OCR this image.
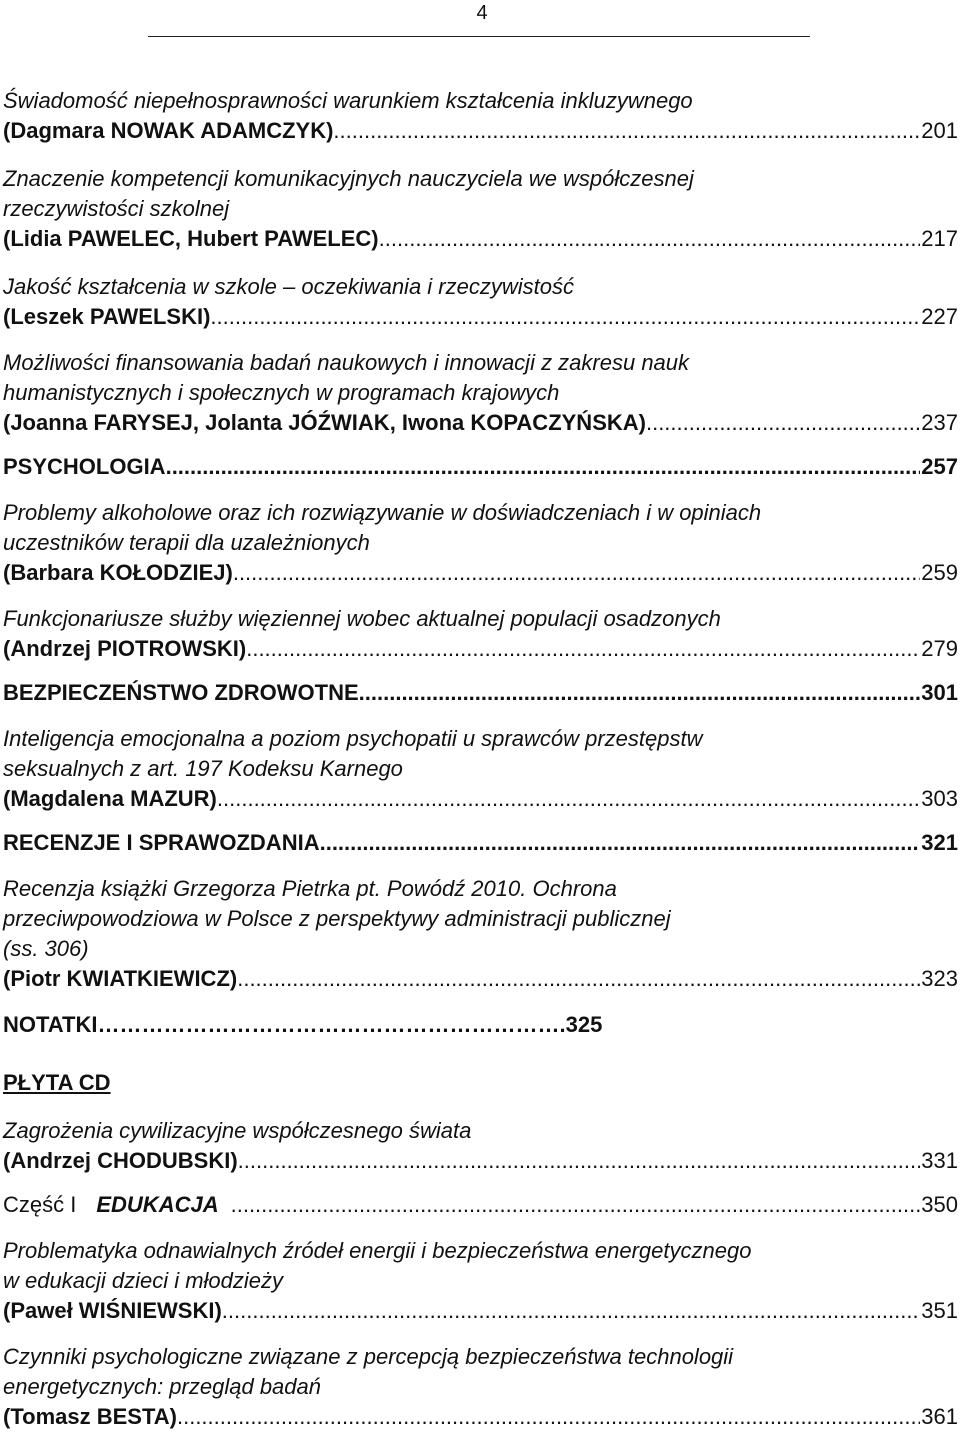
4
Świadomość niepełnosprawności warunkiem kształcenia inkluzywnego
(Dagmara NOWAK ADAMCZYK) .....	201
Znaczenie kompetencji komunikacyjnych nauczyciela we współczesnej
rzeczywistości szkolnej
(Lidia PAWELEC, Hubert PAWELEC) .....	217
Jakość kształcenia w szkole – oczekiwania i rzeczywistość
(Leszek PAWELSKI) .....	227
Możliwości finansowania badań naukowych i innowacji z zakresu nauk
humanistycznych i społecznych w programach krajowych
(Joanna FARYSEJ, Jolanta JÓŹWIAK, Iwona KOPACZYŃSKA) .....	237
PSYCHOLOGIA .....	257
Problemy alkoholowe oraz ich rozwiązywanie w doświadczeniach i w opiniach
uczestników terapii dla uzależnionych
(Barbara KOŁODZIEJ) .....	259
Funkcjonariusze służby więziennej wobec aktualnej populacji osadzonych
(Andrzej PIOTROWSKI) .....	279
BEZPIECZEŃSTWO ZDROWOTNE .....	301
Inteligencja emocjonalna a poziom psychopatii u sprawców przestępstw
seksualnych z art. 197 Kodeksu Karnego
(Magdalena MAZUR) .....	303
RECENZJE I SPRAWOZDANIA .....	321
Recenzja książki Grzegorza Pietrka pt. Powódź 2010. Ochrona
przeciwpowodziowa w Polsce z perspektywy administracji publicznej
(ss. 306)
(Piotr KWIATKIEWICZ) .....	323
NOTATKI……………………………………………………….325
PŁYTA CD
Zagrożenia cywilizacyjne współczesnego świata
(Andrzej CHODUBSKI) .....	331
Część I EDUKACJA .....	350
Problematyka odnawialnych źródeł energii i bezpieczeństwa energetycznego
w edukacji dzieci i młodzieży
(Paweł WIŚNIEWSKI) .....	351
Czynniki psychologiczne związane z percepcją bezpieczeństwa technologii
energetycznych: przegląd badań
(Tomasz BESTA) .....	361
